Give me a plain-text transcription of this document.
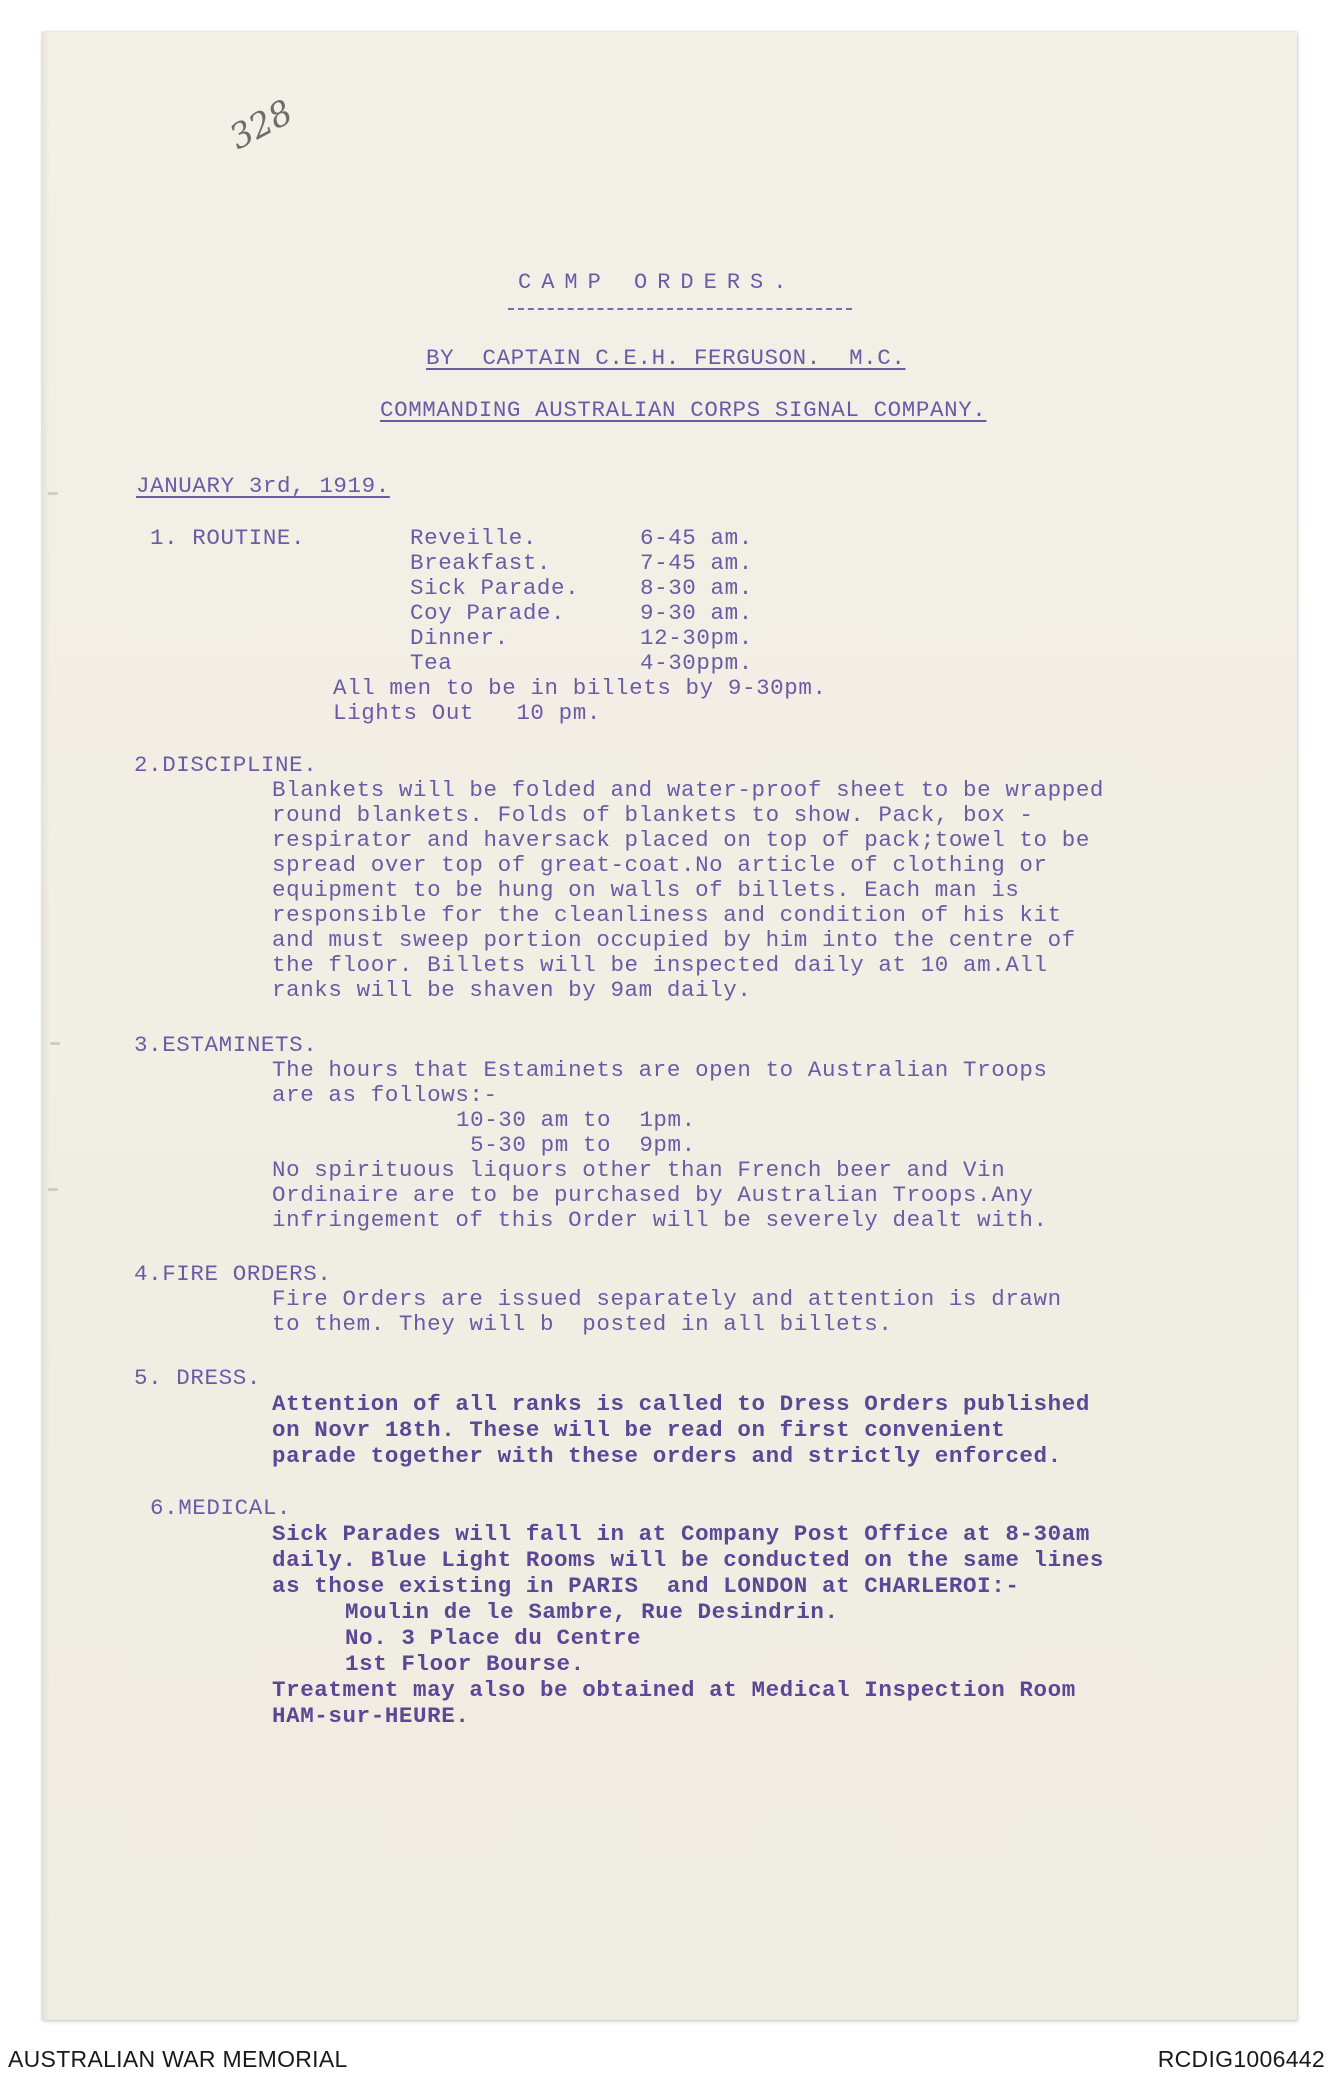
328
CAMP ORDERS.
BY  CAPTAIN C.E.H. FERGUSON.  M.C.
COMMANDING AUSTRALIAN CORPS SIGNAL COMPANY.
JANUARY 3rd, 1919.
1. ROUTINE.	Reveille.	6-45 am.
Breakfast.	7-45 am.
Sick Parade.	8-30 am.
Coy Parade.	9-30 am.
Dinner.	12-30pm.
Tea	4-30ppm.
All men to be in billets by 9-30pm.
Lights Out   10 pm.
2.DISCIPLINE.
Blankets will be folded and water-proof sheet to be wrapped
round blankets. Folds of blankets to show. Pack, box -
respirator and haversack placed on top of pack;towel to be
spread over top of great-coat.No article of clothing or
equipment to be hung on walls of billets. Each man is
responsible for the cleanliness and condition of his kit
and must sweep portion occupied by him into the centre of
the floor. Billets will be inspected daily at 10 am.All
ranks will be shaven by 9am daily.
3.ESTAMINETS.
The hours that Estaminets are open to Australian Troops
are as follows:-
10-30 am to  1pm.
5-30 pm to  9pm.
No spirituous liquors other than French beer and Vin
Ordinaire are to be purchased by Australian Troops.Any
infringement of this Order will be severely dealt with.
4.FIRE ORDERS.
Fire Orders are issued separately and attention is drawn
to them. They will b  posted in all billets.
5. DRESS.
Attention of all ranks is called to Dress Orders published
on Novr 18th. These will be read on first convenient
parade together with these orders and strictly enforced.
6.MEDICAL.
Sick Parades will fall in at Company Post Office at 8-30am
daily. Blue Light Rooms will be conducted on the same lines
as those existing in PARIS  and LONDON at CHARLEROI:-
Moulin de le Sambre, Rue Desindrin.
No. 3 Place du Centre
1st Floor Bourse.
Treatment may also be obtained at Medical Inspection Room
HAM-sur-HEURE.
AUSTRALIAN WAR MEMORIAL	RCDIG1006442
